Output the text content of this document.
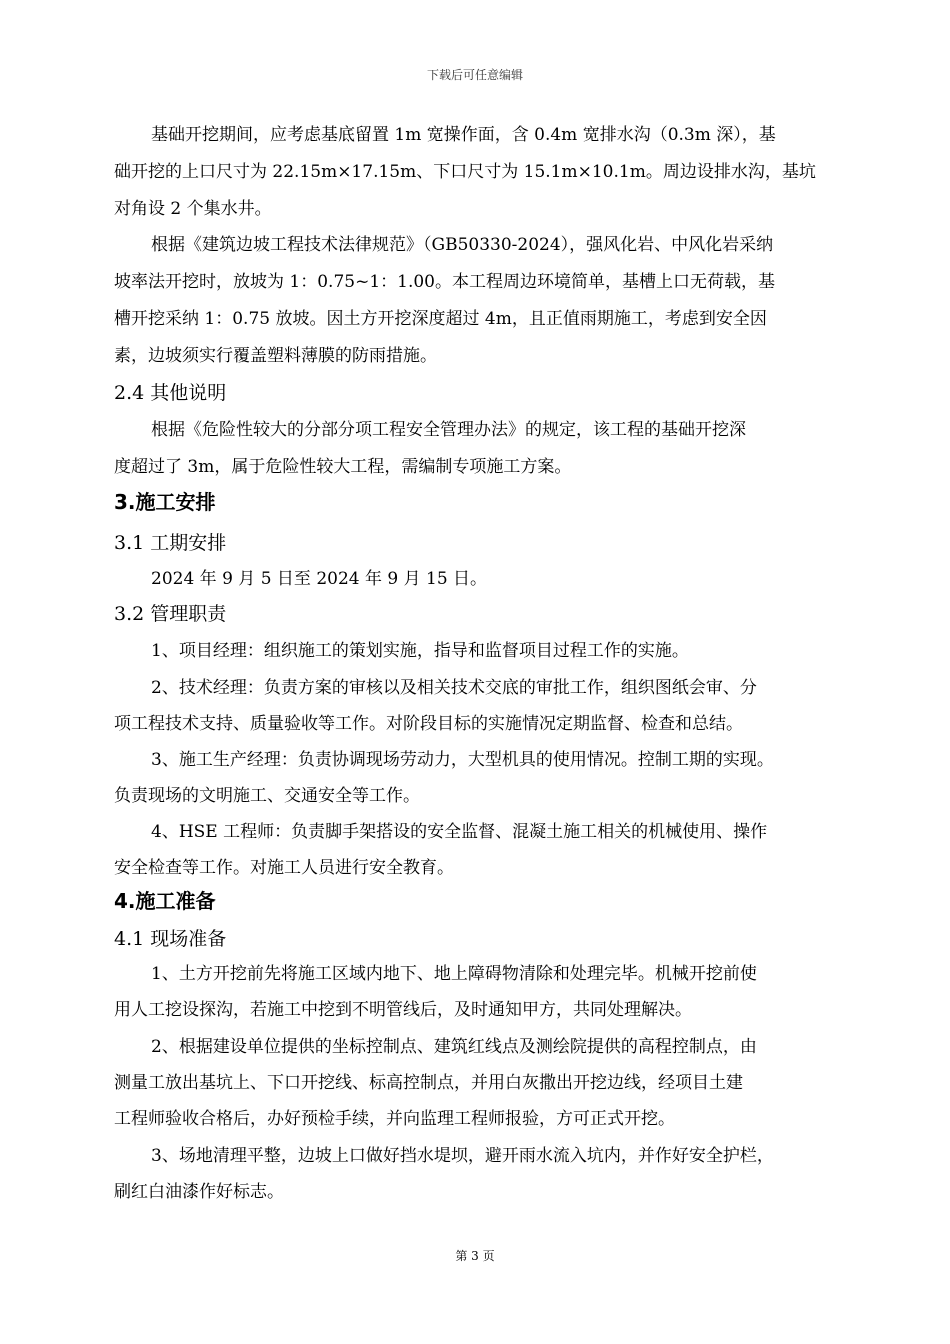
下载后可任意编辑
基础开挖期间，应考虑基底留置 1m 宽操作面，含 0.4m 宽排水沟（0.3m 深），基
础开挖的上口尺寸为 22.15m×17.15m、下口尺寸为 15.1m×10.1m。周边设排水沟，基坑
对角设 2 个集水井。
根据《建筑边坡工程技术法律规范》（GB50330-2024），强风化岩、中风化岩采纳
坡率法开挖时，放坡为 1：0.75~1：1.00。本工程周边环境简单，基槽上口无荷载，基
槽开挖采纳 1：0.75 放坡。因土方开挖深度超过 4m，且正值雨期施工，考虑到安全因
素，边坡须实行覆盖塑料薄膜的防雨措施。
2.4 其他说明
根据《危险性较大的分部分项工程安全管理办法》的规定，该工程的基础开挖深
度超过了 3m，属于危险性较大工程，需编制专项施工方案。
3.施工安排
3.1 工期安排
2024 年 9 月 5 日至 2024 年 9 月 15 日。
3.2 管理职责
1、项目经理：组织施工的策划实施，指导和监督项目过程工作的实施。
2、技术经理：负责方案的审核以及相关技术交底的审批工作，组织图纸会审、分
项工程技术支持、质量验收等工作。对阶段目标的实施情况定期监督、检查和总结。
3、施工生产经理：负责协调现场劳动力，大型机具的使用情况。控制工期的实现。
负责现场的文明施工、交通安全等工作。
4、HSE 工程师：负责脚手架搭设的安全监督、混凝土施工相关的机械使用、操作
安全检查等工作。对施工人员进行安全教育。
4.施工准备
4.1 现场准备
1、土方开挖前先将施工区域内地下、地上障碍物清除和处理完毕。机械开挖前使
用人工挖设探沟，若施工中挖到不明管线后，及时通知甲方，共同处理解决。
2、根据建设单位提供的坐标控制点、建筑红线点及测绘院提供的高程控制点，由
测量工放出基坑上、下口开挖线、标高控制点，并用白灰撒出开挖边线，经项目土建
工程师验收合格后，办好预检手续，并向监理工程师报验，方可正式开挖。
3、场地清理平整，边坡上口做好挡水堤坝，避开雨水流入坑内，并作好安全护栏，
刷红白油漆作好标志。
第 3 页
